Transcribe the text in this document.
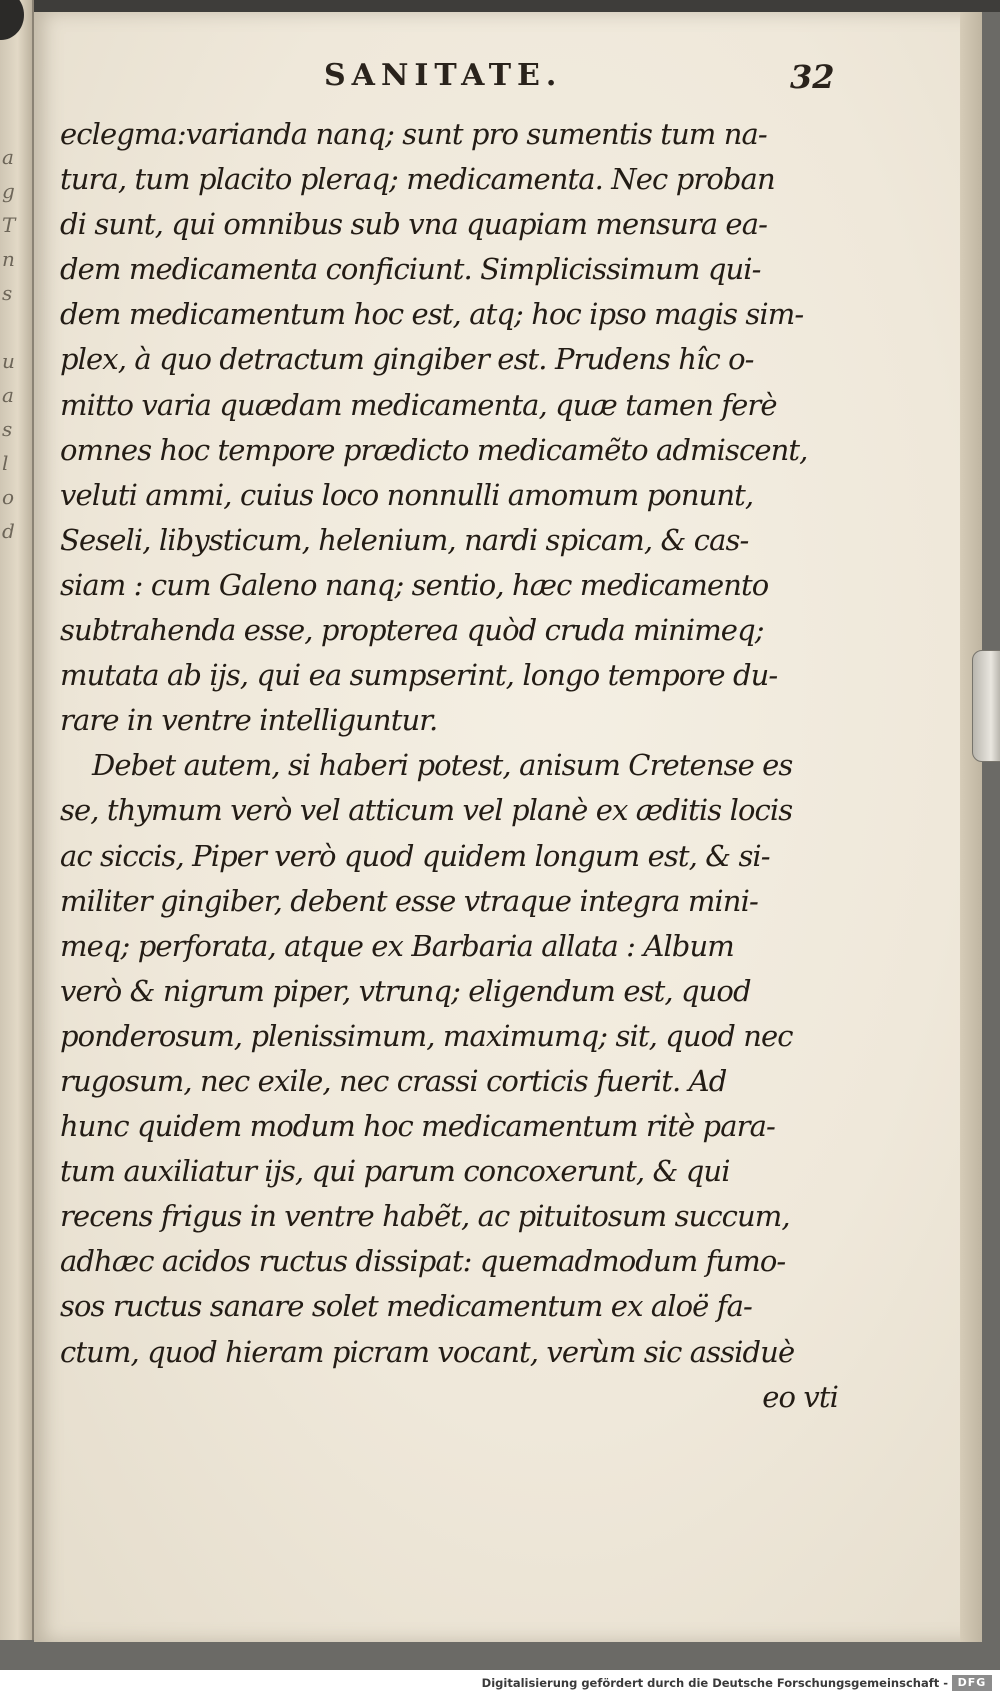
a
g
T
n
s

u
a
s
l
o
d
SANITATE.	32
eclegma:varianda nanq; sunt pro sumentis tum na-
tura, tum placito pleraq; medicamenta. Nec proban
di sunt, qui omnibus sub vna quapiam mensura ea-
dem medicamenta conficiunt. Simplicissimum qui-
dem medicamentum hoc est, atq; hoc ipso magis sim-
plex, à quo detractum gingiber est. Prudens hîc o-
mitto varia quædam medicamenta, quæ tamen ferè
omnes hoc tempore prædicto medicamẽto admiscent,
veluti ammi, cuius loco nonnulli amomum ponunt,
Seseli, libysticum, helenium, nardi spicam, & cas-
siam : cum Galeno nanq; sentio, hæc medicamento
subtrahenda esse, propterea quòd cruda minimeq;
mutata ab ijs, qui ea sumpserint, longo tempore du-
rare in ventre intelliguntur.
Debet autem, si haberi potest, anisum Cretense es
se, thymum verò vel atticum vel planè ex æditis locis
ac siccis, Piper verò quod quidem longum est, & si-
militer gingiber, debent esse vtraque integra mini-
meq; perforata, atque ex Barbaria allata : Album
verò & nigrum piper, vtrunq; eligendum est, quod
ponderosum, plenissimum, maximumq; sit, quod nec
rugosum, nec exile, nec crassi corticis fuerit. Ad
hunc quidem modum hoc medicamentum ritè para-
tum auxiliatur ijs, qui parum concoxerunt, & qui
recens frigus in ventre habẽt, ac pituitosum succum,
adhæc acidos ructus dissipat: quemadmodum fumo-
sos ructus sanare solet medicamentum ex aloë fa-
ctum, quod hieram picram vocant, verùm sic assiduè
eo vti
Digitalisierung gefördert durch die Deutsche Forschungsgemeinschaft - DFG
